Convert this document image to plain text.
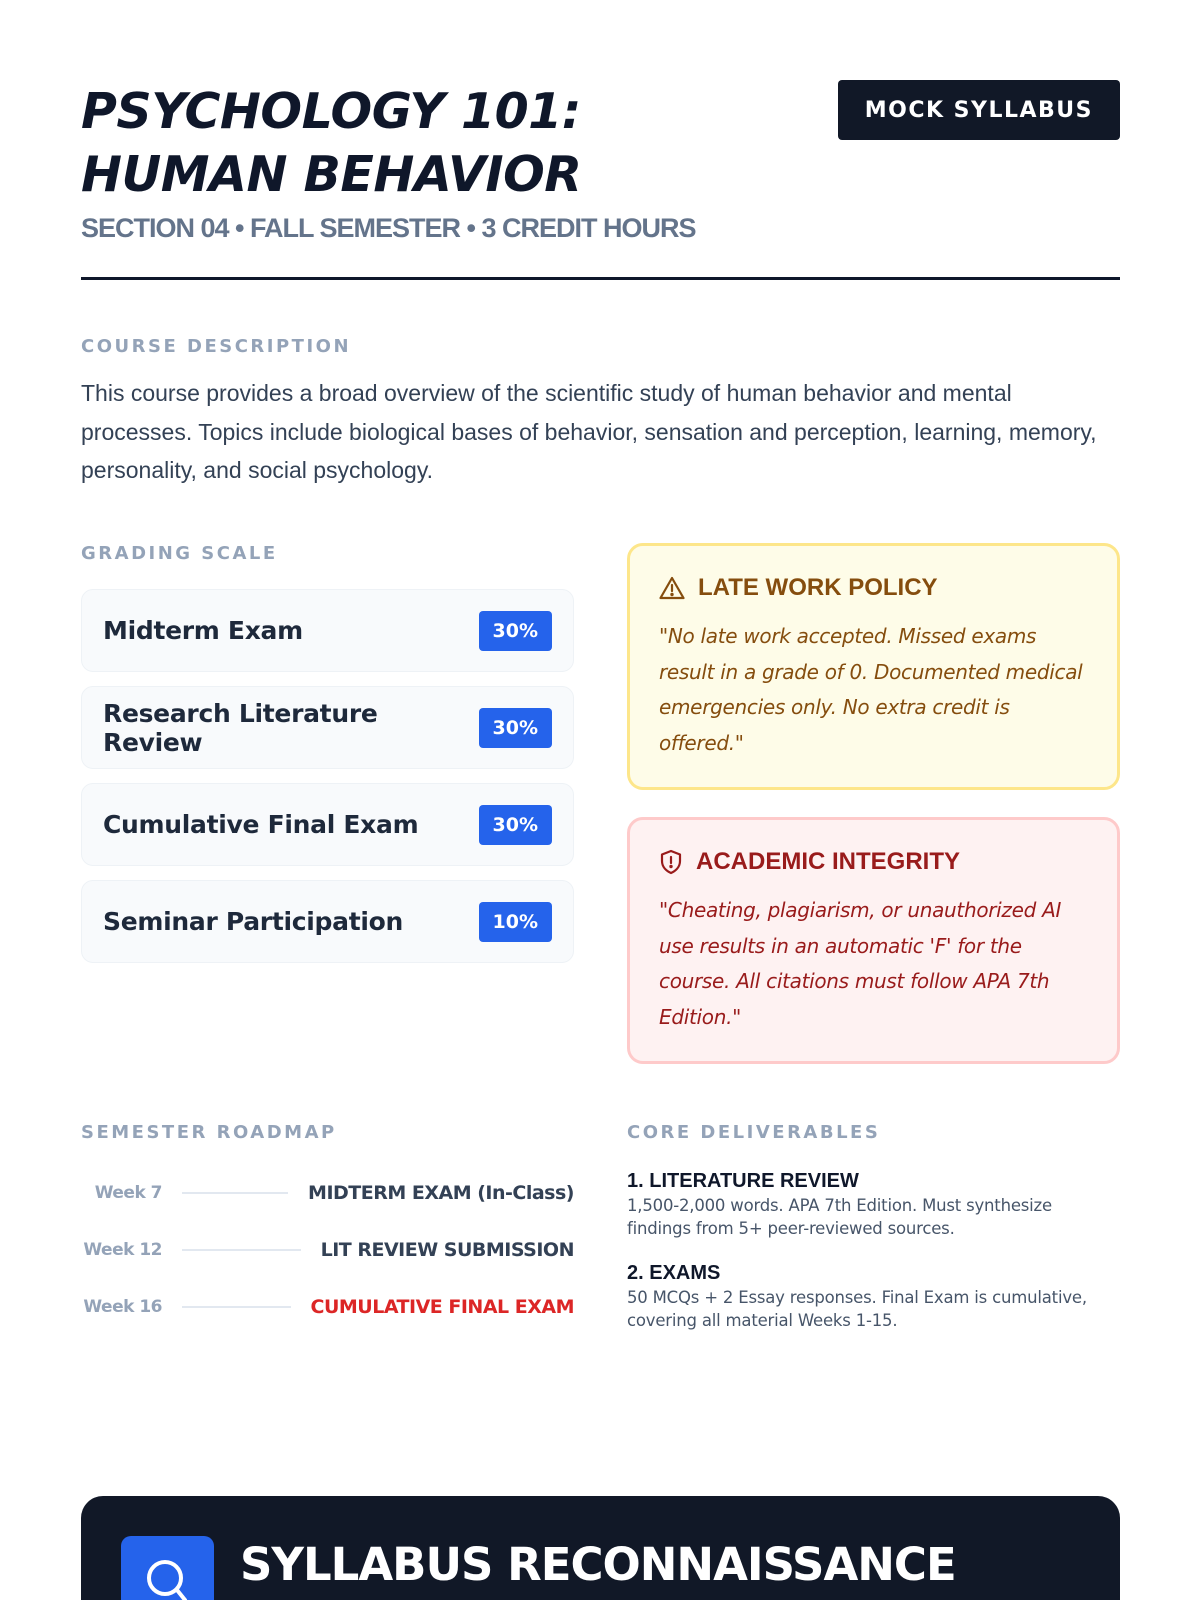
PSYCHOLOGY 101: HUMAN BEHAVIOR
MOCK SYLLABUS
SECTION 04 • FALL SEMESTER • 3 CREDIT HOURS
COURSE DESCRIPTION

This course provides a broad overview of the scientific study of human behavior and mental processes. Topics include biological bases of behavior, sensation and perception, learning, memory, personality, and social psychology.

GRADING SCALE
Midterm Exam	30%
Research Literature Review	30%
Cumulative Final Exam	30%
Seminar Participation	10%
LATE WORK POLICY

"No late work accepted. Missed exams result in a grade of 0. Documented medical emergencies only. No extra credit is offered."

ACADEMIC INTEGRITY

"Cheating, plagiarism, or unauthorized AI use results in an automatic 'F' for the course. All citations must follow APA 7th Edition."

SEMESTER ROADMAP
Week 7	MIDTERM EXAM (In-Class)
Week 12	LIT REVIEW SUBMISSION
Week 16	CUMULATIVE FINAL EXAM
CORE DELIVERABLES
1. LITERATURE REVIEW
1,500-2,000 words. APA 7th Edition. Must synthesize findings from 5+ peer-reviewed sources.
2. EXAMS
50 MCQs + 2 Essay responses. Final Exam is cumulative, covering all material Weeks 1-15.
SYLLABUS RECONNAISSANCE
